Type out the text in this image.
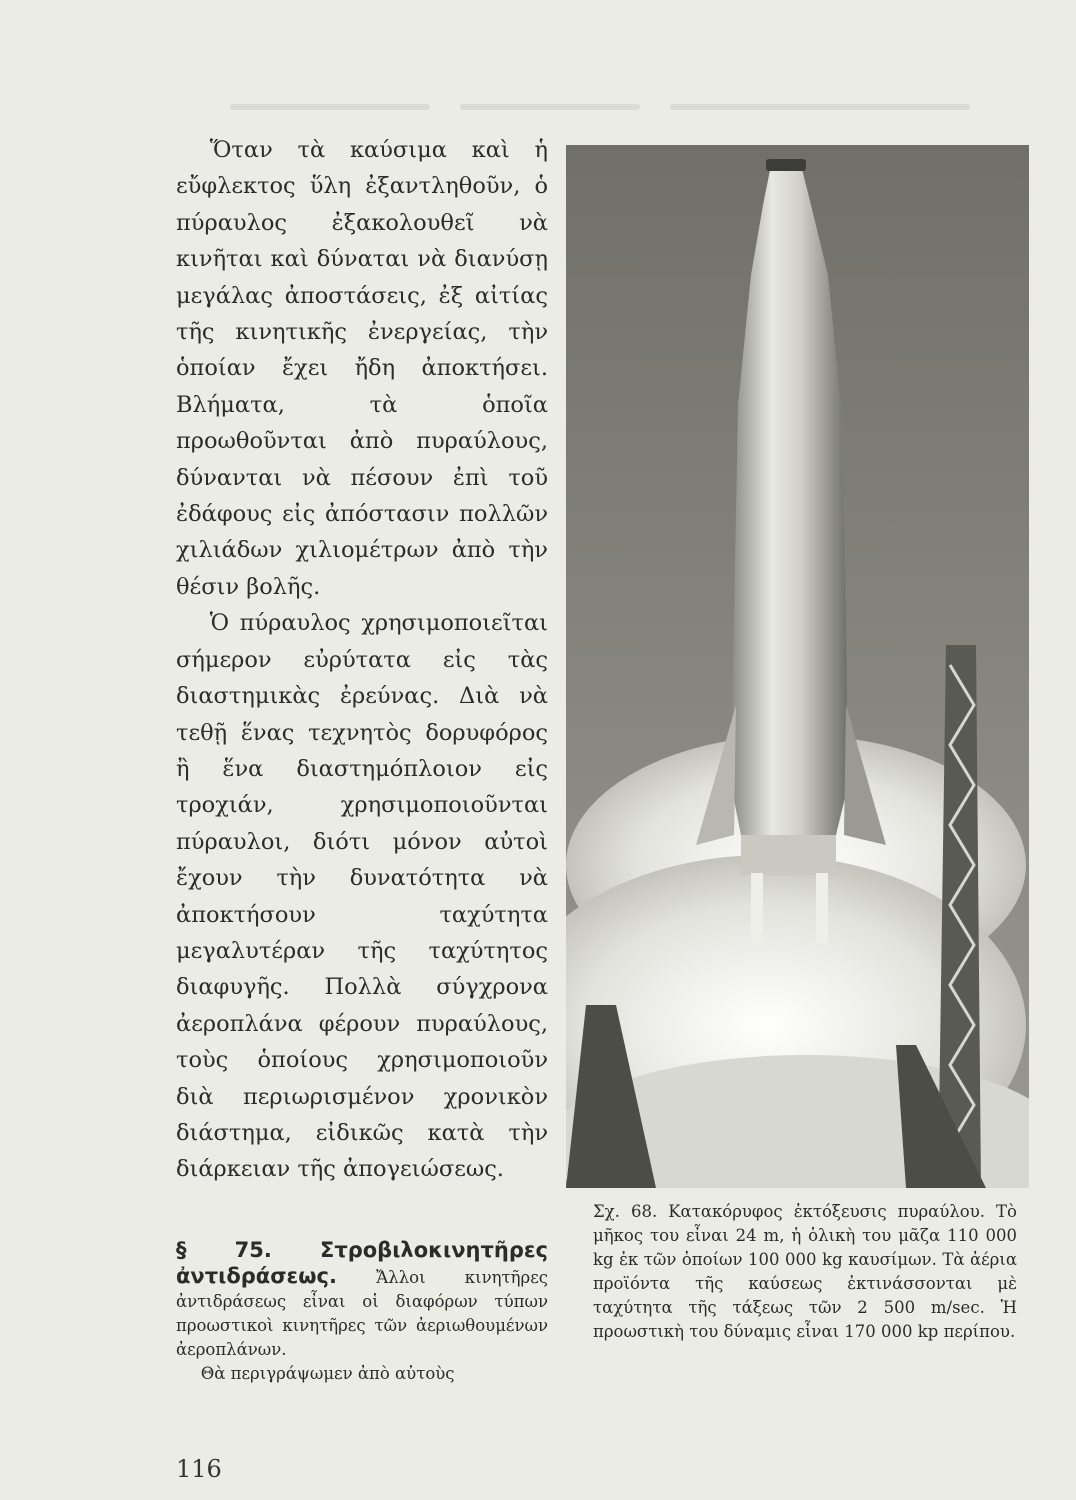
Ὅταν τὰ καύσιμα καὶ ἡ εὔφλεκτος ὕλη ἐξαντληθοῦν, ὁ πύραυλος ἐξακολουθεῖ νὰ κινῆται καὶ δύναται νὰ διανύσῃ μεγάλας ἀποστάσεις, ἐξ αἰτίας τῆς κινητικῆς ἐνεργείας, τὴν ὁποίαν ἔχει ἤδη ἀποκτήσει. Βλήματα, τὰ ὁποῖα προωθοῦνται ἀπὸ πυραύλους, δύνανται νὰ πέσουν ἐπὶ τοῦ ἐδάφους εἰς ἀπόστασιν πολλῶν χιλιάδων χιλιομέτρων ἀπὸ τὴν θέσιν βολῆς.

Ὁ πύραυλος χρησιμοποιεῖται σήμερον εὐρύτατα εἰς τὰς διαστημικὰς ἐρεύνας. Διὰ νὰ τεθῇ ἕνας τεχνητὸς δορυφόρος ἢ ἕνα διαστημόπλοιον εἰς τροχιάν, χρησιμοποιοῦνται πύραυλοι, διότι μόνον αὐτοὶ ἔχουν τὴν δυνατότητα νὰ ἀποκτήσουν ταχύτητα μεγαλυτέραν τῆς ταχύτητος διαφυγῆς. Πολλὰ σύγχρονα ἀεροπλάνα φέρουν πυραύλους, τοὺς ὁποίους χρησιμοποιοῦν διὰ περιωρισμένον χρονικὸν διάστημα, εἰδικῶς κατὰ τὴν διάρκειαν τῆς ἀπογειώσεως.

Σχ. 68. Κατακόρυφος ἐκτόξευσις πυραύλου. Τὸ μῆκος του εἶναι 24 m, ἡ ὁλικὴ του μᾶζα 110 000 kg ἐκ τῶν ὁποίων 100 000 kg καυσίμων. Τὰ ἀέρια προϊόντα τῆς καύσεως ἐκτινάσσονται μὲ ταχύτητα τῆς τάξεως τῶν 2 500 m/sec. Ἡ προωστικὴ του δύναμις εἶναι 170 000 kp περίπου.
§ 75. Στροβιλοκινητῆρες ἀντιδράσεως. Ἄλλοι κινητῆρες ἀντιδράσεως εἶναι οἱ διαφόρων τύπων προωστικοὶ κινητῆρες τῶν ἀεριωθουμένων ἀεροπλάνων.
Θὰ περιγράψωμεν ἀπὸ αὐτοὺς
116
